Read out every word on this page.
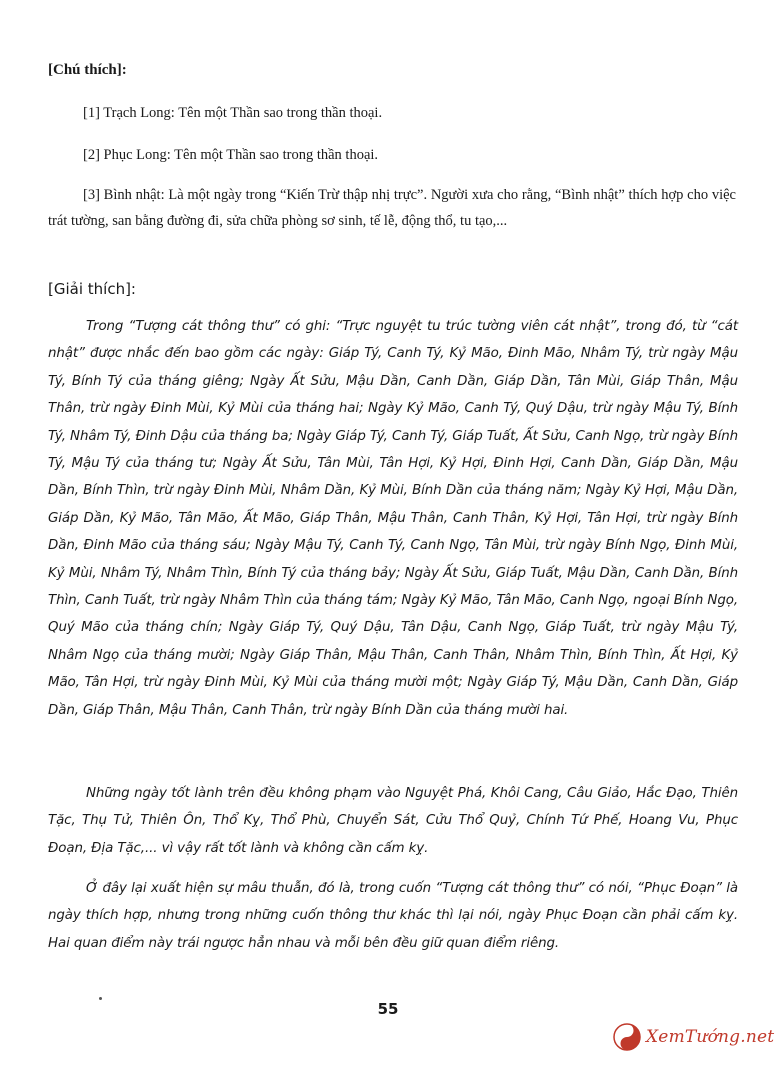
[Chú thích]:
[1] Trạch Long: Tên một Thần sao trong thần thoại.
[2] Phục Long: Tên một Thần sao trong thần thoại.
[3] Bình nhật: Là một ngày trong “Kiến Trừ thập nhị trực”. Người xưa cho rằng, “Bình nhật” thích hợp cho việc trát tường, san bằng đường đi, sửa chữa phòng sơ sinh, tế lễ, động thổ, tu tạo,...
[Giải thích]:
Trong “Tượng cát thông thư” có ghi: “Trực nguyệt tu trúc tường viên cát nhật”, trong đó, từ “cát nhật” được nhắc đến bao gồm các ngày: Giáp Tý, Canh Tý, Kỷ Mão, Đinh Mão, Nhâm Tý, trừ ngày Mậu Tý, Bính Tý của tháng giêng; Ngày Ất Sửu, Mậu Dần, Canh Dần, Giáp Dần, Tân Mùi, Giáp Thân, Mậu Thân, trừ ngày Đinh Mùi, Kỷ Mùi của tháng hai; Ngày Kỷ Mão, Canh Tý, Quý Dậu, trừ ngày Mậu Tý, Bính Tý, Nhâm Tý, Đinh Dậu của tháng ba; Ngày Giáp Tý, Canh Tý, Giáp Tuất, Ất Sửu, Canh Ngọ, trừ ngày Bính Tý, Mậu Tý của tháng tư; Ngày Ất Sửu, Tân Mùi, Tân Hợi, Kỷ Hợi, Đinh Hợi, Canh Dần, Giáp Dần, Mậu Dần, Bính Thìn, trừ ngày Đinh Mùi, Nhâm Dần, Kỷ Mùi, Bính Dần của tháng năm; Ngày Kỷ Hợi, Mậu Dần, Giáp Dần, Kỷ Mão, Tân Mão, Ất Mão, Giáp Thân, Mậu Thân, Canh Thân, Kỷ Hợi, Tân Hợi, trừ ngày Bính Dần, Đinh Mão của tháng sáu; Ngày Mậu Tý, Canh Tý, Canh Ngọ, Tân Mùi, trừ ngày Bính Ngọ, Đinh Mùi, Kỷ Mùi, Nhâm Tý, Nhâm Thìn, Bính Tý của tháng bảy; Ngày Ất Sửu, Giáp Tuất, Mậu Dần, Canh Dần, Bính Thìn, Canh Tuất, trừ ngày Nhâm Thìn của tháng tám; Ngày Kỷ Mão, Tân Mão, Canh Ngọ, ngoại Bính Ngọ, Quý Mão của tháng chín; Ngày Giáp Tý, Quý Dậu, Tân Dậu, Canh Ngọ, Giáp Tuất, trừ ngày Mậu Tý, Nhâm Ngọ của tháng mười; Ngày Giáp Thân, Mậu Thân, Canh Thân, Nhâm Thìn, Bính Thìn, Ất Hợi, Kỷ Mão, Tân Hợi, trừ ngày Đinh Mùi, Kỷ Mùi của tháng mười một; Ngày Giáp Tý, Mậu Dần, Canh Dần, Giáp Dần, Giáp Thân, Mậu Thân, Canh Thân, trừ ngày Bính Dần của tháng mười hai.
Những ngày tốt lành trên đều không phạm vào Nguyệt Phá, Khôi Cang, Câu Giảo, Hắc Đạo, Thiên Tặc, Thụ Tử, Thiên Ôn, Thổ Kỵ, Thổ Phù, Chuyển Sát, Cửu Thổ Quỷ, Chính Tứ Phế, Hoang Vu, Phục Đoạn, Địa Tặc,... vì vậy rất tốt lành và không cần cấm kỵ.
Ở đây lại xuất hiện sự mâu thuẫn, đó là, trong cuốn “Tượng cát thông thư” có nói, “Phục Đoạn” là ngày thích hợp, nhưng trong những cuốn thông thư khác thì lại nói, ngày Phục Đoạn cần phải cấm kỵ. Hai quan điểm này trái ngược hẳn nhau và mỗi bên đều giữ quan điểm riêng.
55
XemTướng.net
